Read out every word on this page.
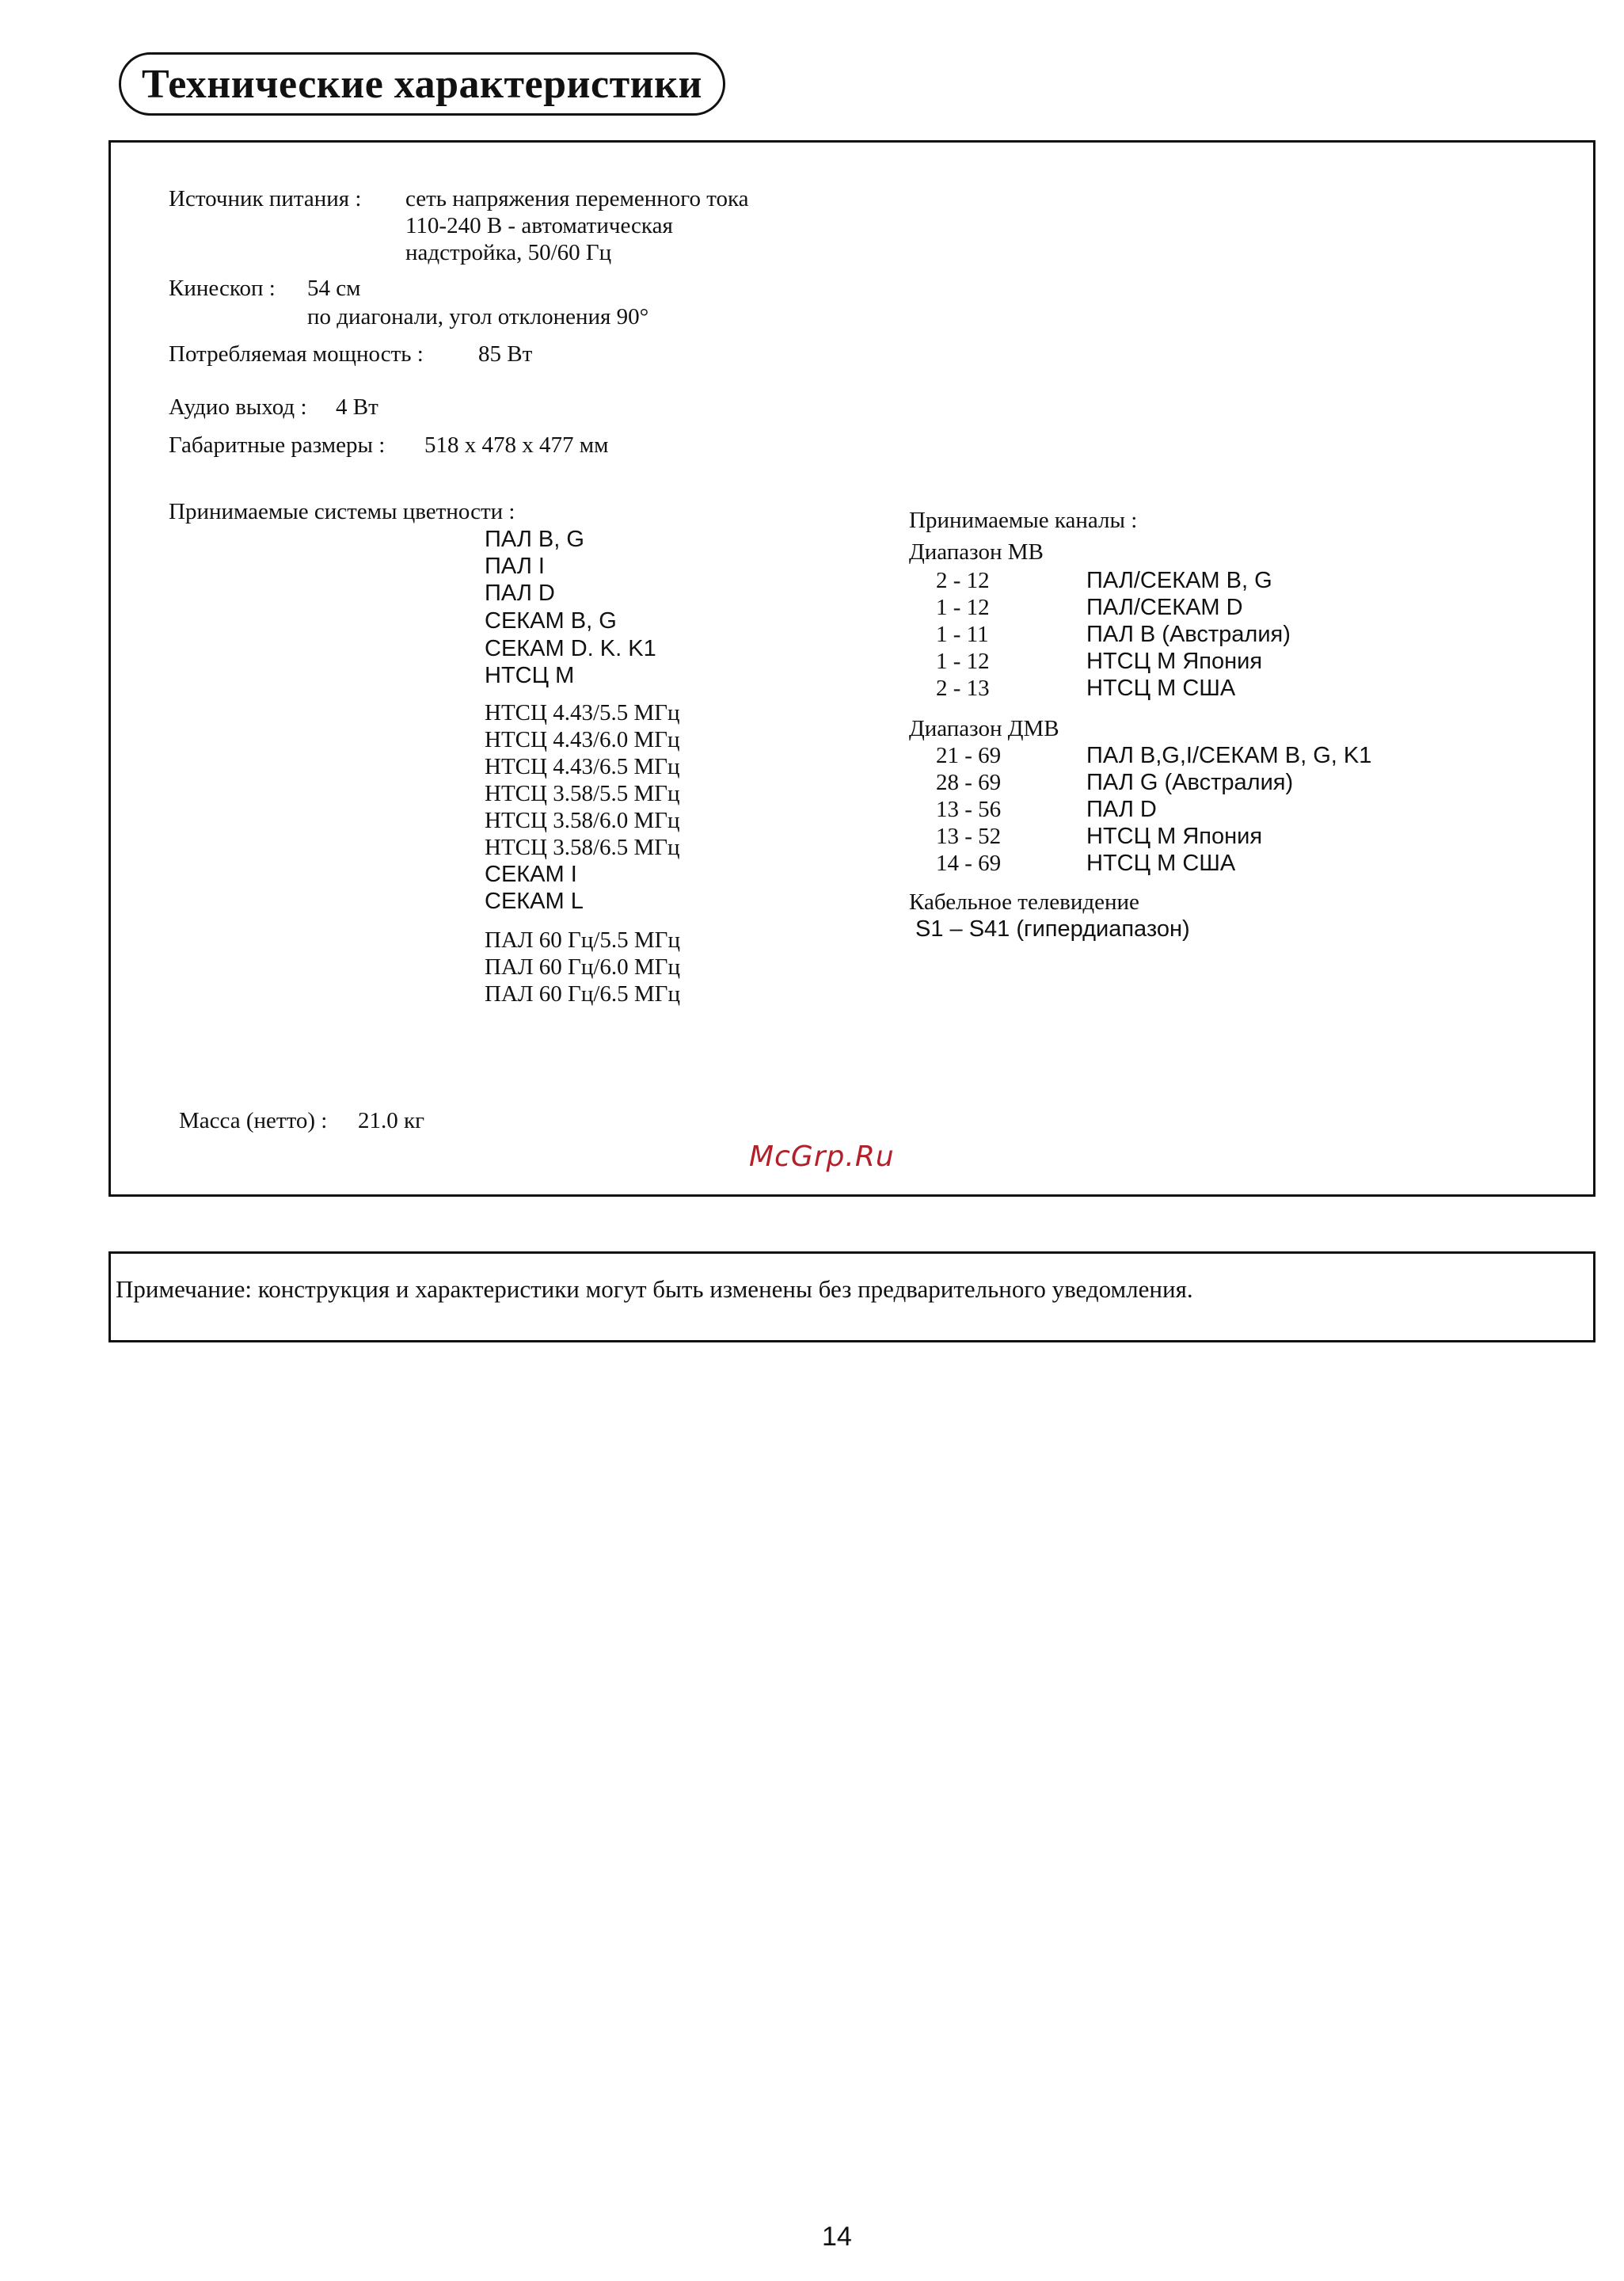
Технические характеристики
Источник питания : сеть напряжения переменного тока
110-240 В - автоматическая
надстройка, 50/60 Гц
Кинескоп : 54 см
по диагонали, угол отклонения 90°
Потребляемая мощность : 85 Вт
Аудио выход : 4 Вт
Габаритные размеры : 518 x 478 x 477 мм
Принимаемые системы цветности :
ПАЛ B, G
ПАЛ I
ПАЛ D
СЕКАМ B, G
СЕКАМ D. K. K1
НТСЦ M
НТСЦ 4.43/5.5 МГц
НТСЦ 4.43/6.0 МГц
НТСЦ 4.43/6.5 МГц
НТСЦ 3.58/5.5 МГц
НТСЦ 3.58/6.0 МГц
НТСЦ 3.58/6.5 МГц
СЕКАМ I
СЕКАМ L
ПАЛ 60 Гц/5.5 МГц
ПАЛ 60 Гц/6.0 МГц
ПАЛ 60 Гц/6.5 МГц
Принимаемые каналы :
Диапазон МВ
2 - 12	ПАЛ/СЕКАМ B, G
1 - 12	ПАЛ/СЕКАМ D
1 - 11	ПАЛ B (Австралия)
1 - 12	НТСЦ M Япония
2 - 13	НТСЦ M США
Диапазон ДМВ
21 - 69	ПАЛ B,G,I/СЕКАМ B, G, K1
28 - 69	ПАЛ G (Австралия)
13 - 56	ПАЛ D
13 - 52	НТСЦ M Япония
14 - 69	НТСЦ M США
Кабельное телевидение
S1 – S41 (гипердиапазон)
Масса (нетто) : 21.0 кг
McGrp.Ru
Примечание: конструкция и характеристики могут быть изменены без предварительного уведомления.
14
